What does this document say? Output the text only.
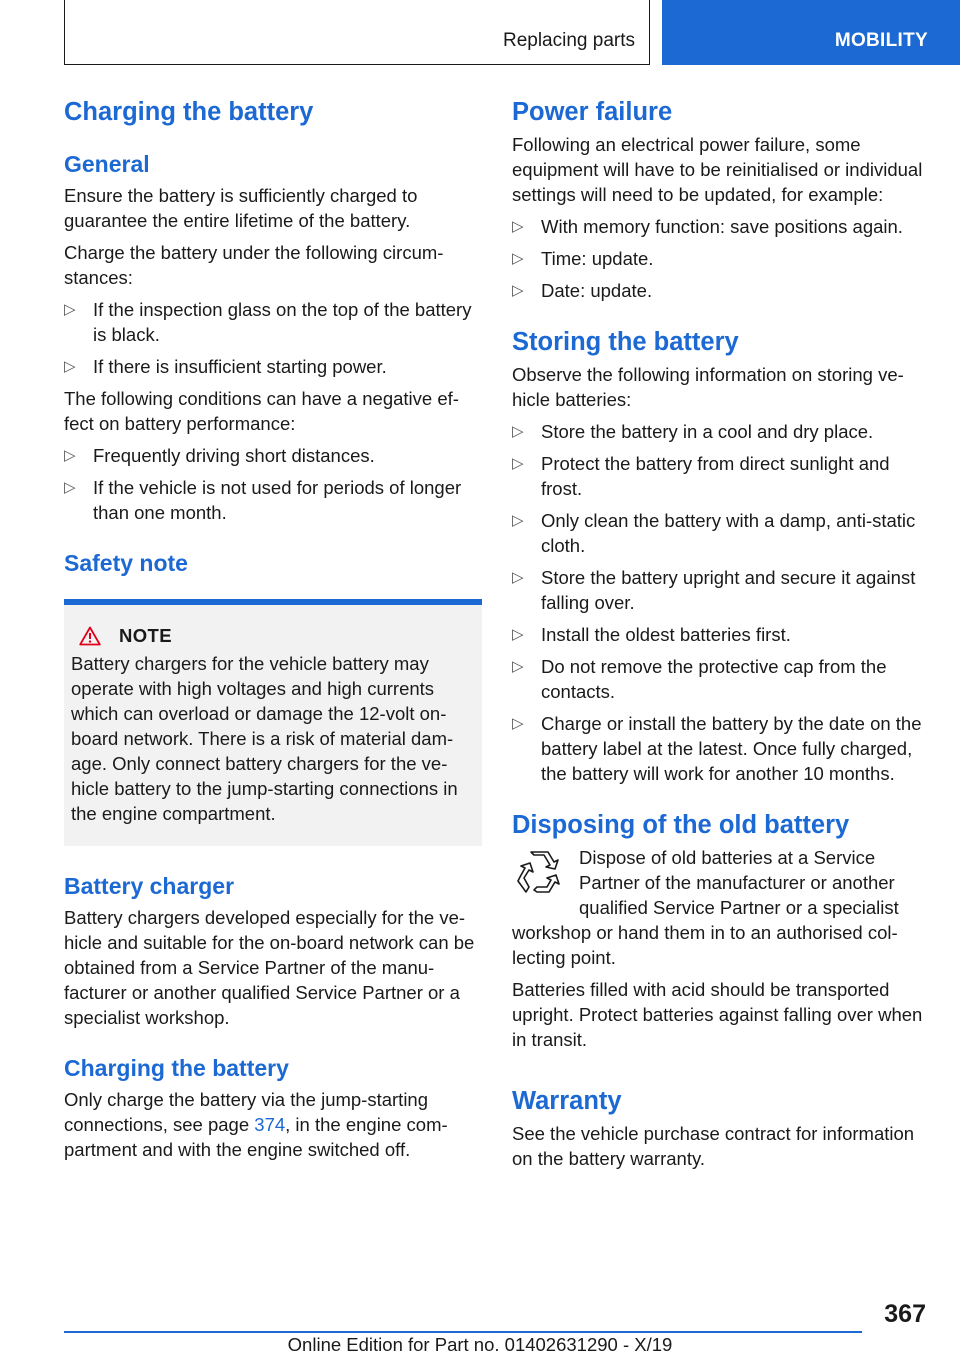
Replacing parts	MOBILITY
Charging the battery
General

Ensure the battery is sufficiently charged to guarantee the entire lifetime of the battery.

Charge the battery under the following circumstances:

▷ If the inspection glass on the top of the battery is black.
▷ If there is insufficient starting power.

The following conditions can have a negative effect on battery performance:

▷ Frequently driving short distances.
▷ If the vehicle is not used for periods of longer than one month.
Safety note
NOTE

Battery chargers for the vehicle battery may operate with high voltages and high currents which can overload or damage the 12-volt on-board network. There is a risk of material damage. Only connect battery chargers for the vehicle battery to the jump-starting connections in the engine compartment.

Battery charger

Battery chargers developed especially for the vehicle and suitable for the on-board network can be obtained from a Service Partner of the manufacturer or another qualified Service Partner or a specialist workshop.

Charging the battery

Only charge the battery via the jump-starting connections, see page 374, in the engine compartment and with the engine switched off.

Power failure

Following an electrical power failure, some equipment will have to be reinitialised or individual settings will need to be updated, for example:

▷ With memory function: save positions again.
▷ Time: update.
▷ Date: update.
Storing the battery

Observe the following information on storing vehicle batteries:

▷ Store the battery in a cool and dry place.
▷ Protect the battery from direct sunlight and frost.
▷ Only clean the battery with a damp, anti-static cloth.
▷ Store the battery upright and secure it against falling over.
▷ Install the oldest batteries first.
▷ Do not remove the protective cap from the contacts.
▷ Charge or install the battery by the date on the battery label at the latest. Once fully charged, the battery will work for another 10 months.
Disposing of the old battery

Dispose of old batteries at a Service Partner of the manufacturer or another qualified Service Partner or a specialist workshop or hand them in to an authorised collecting point.

Batteries filled with acid should be transported upright. Protect batteries against falling over when in transit.

Warranty

See the vehicle purchase contract for information on the battery warranty.

367
Online Edition for Part no. 01402631290 - X/19
